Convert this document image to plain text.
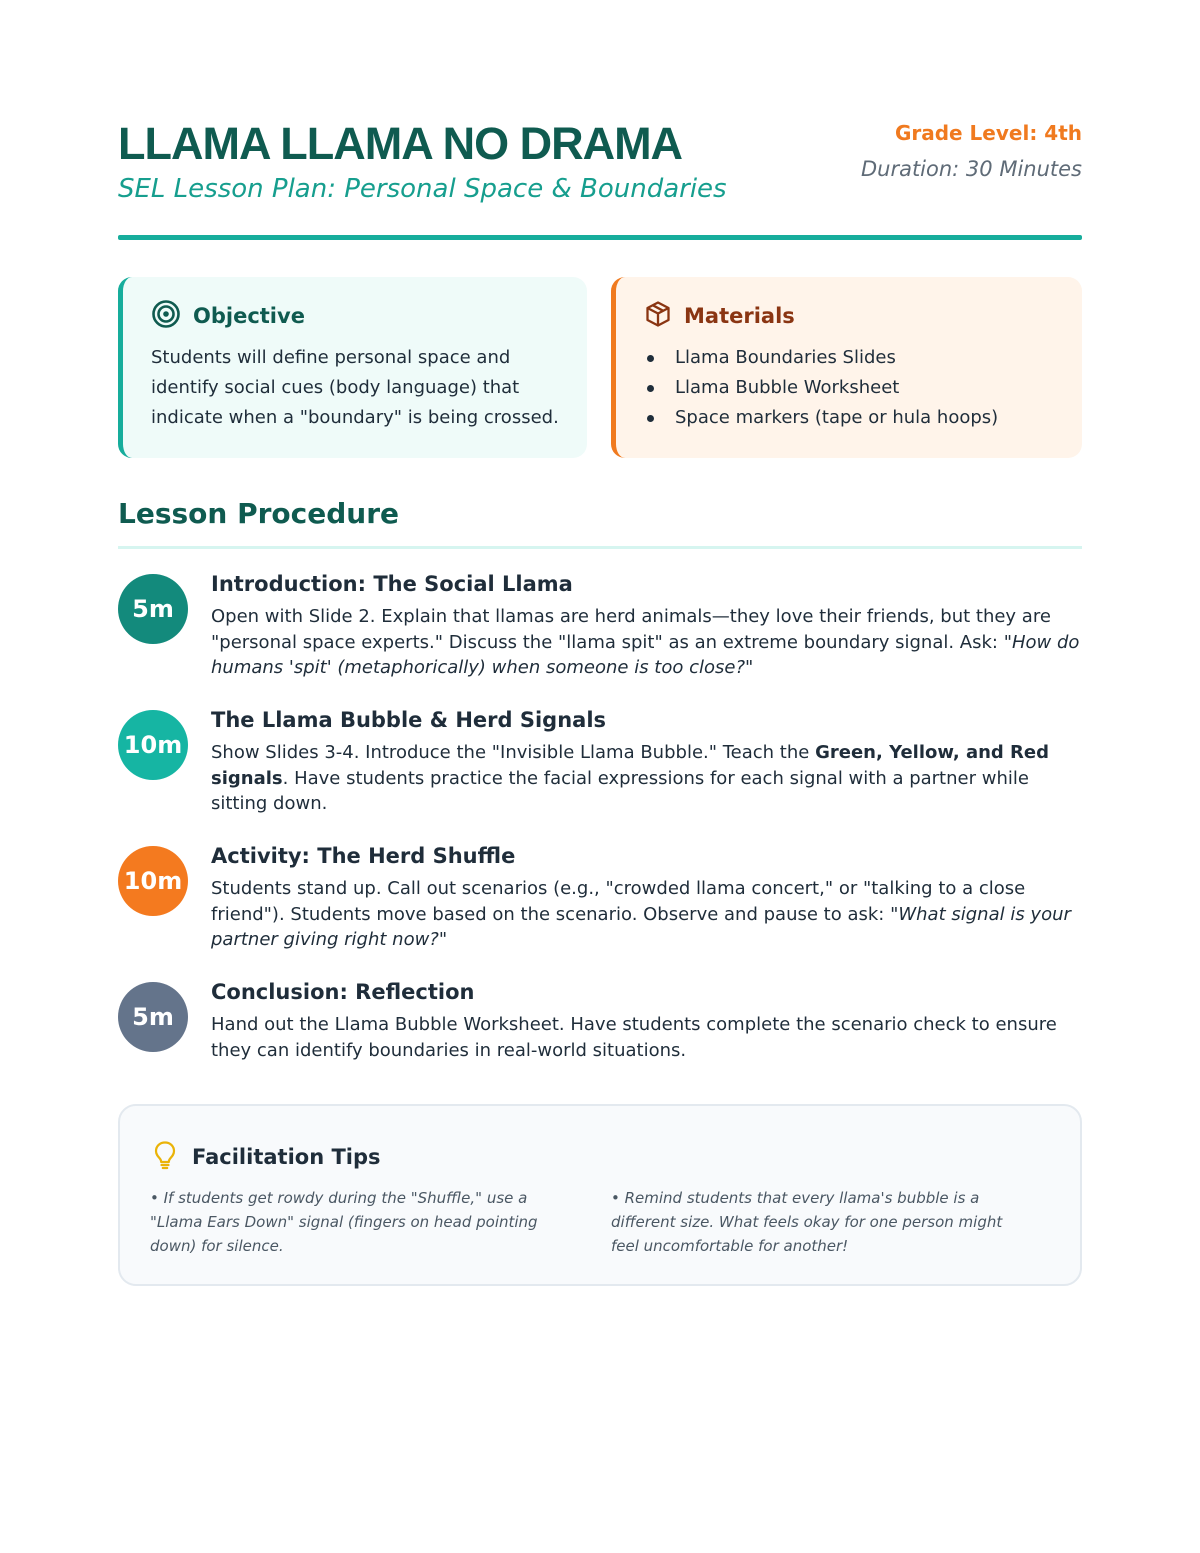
LLAMA LLAMA NO DRAMA
SEL Lesson Plan: Personal Space & Boundaries
Grade Level: 4th
Duration: 30 Minutes
Objective

Students will define personal space and identify social cues (body language) that indicate when a "boundary" is being crossed.

Materials
Llama Boundaries Slides
Llama Bubble Worksheet
Space markers (tape or hula hoops)
Lesson Procedure
5m
Introduction: The Social Llama

Open with Slide 2. Explain that llamas are herd animals—they love their friends, but they are "personal space experts." Discuss the "llama spit" as an extreme boundary signal. Ask: "How do humans 'spit' (metaphorically) when someone is too close?"

10m
The Llama Bubble & Herd Signals

Show Slides 3-4. Introduce the "Invisible Llama Bubble." Teach the Green, Yellow, and Red signals. Have students practice the facial expressions for each signal with a partner while sitting down.

10m
Activity: The Herd Shuffle

Students stand up. Call out scenarios (e.g., "crowded llama concert," or "talking to a close friend"). Students move based on the scenario. Observe and pause to ask: "What signal is your partner giving right now?"

5m
Conclusion: Reflection

Hand out the Llama Bubble Worksheet. Have students complete the scenario check to ensure they can identify boundaries in real-world situations.

Facilitation Tips

• If students get rowdy during the "Shuffle," use a "Llama Ears Down" signal (fingers on head pointing down) for silence.

• Remind students that every llama's bubble is a different size. What feels okay for one person might feel uncomfortable for another!
